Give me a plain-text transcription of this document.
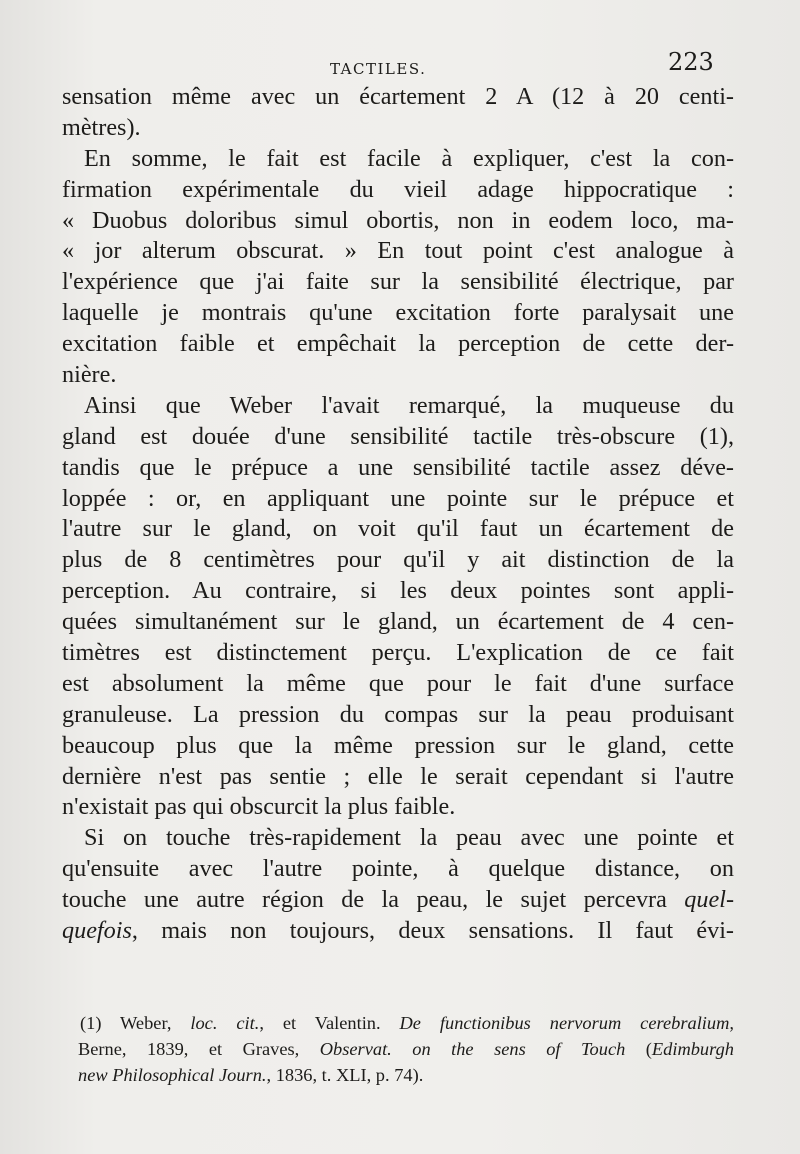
TACTILES.	223
sensation même avec un écartement 2 A (12 à 20 centi-
mètres).
En somme, le fait est facile à expliquer, c'est la con-
firmation expérimentale du vieil adage hippocratique :
« Duobus doloribus simul obortis, non in eodem loco, ma-
« jor alterum obscurat. » En tout point c'est analogue à
l'expérience que j'ai faite sur la sensibilité électrique, par
laquelle je montrais qu'une excitation forte paralysait une
excitation faible et empêchait la perception de cette der-
nière.
Ainsi que Weber l'avait remarqué, la muqueuse du
gland est douée d'une sensibilité tactile très-obscure (1),
tandis que le prépuce a une sensibilité tactile assez déve-
loppée : or, en appliquant une pointe sur le prépuce et
l'autre sur le gland, on voit qu'il faut un écartement de
plus de 8 centimètres pour qu'il y ait distinction de la
perception. Au contraire, si les deux pointes sont appli-
quées simultanément sur le gland, un écartement de 4 cen-
timètres est distinctement perçu. L'explication de ce fait
est absolument la même que pour le fait d'une surface
granuleuse. La pression du compas sur la peau produisant
beaucoup plus que la même pression sur le gland, cette
dernière n'est pas sentie ; elle le serait cependant si l'autre
n'existait pas qui obscurcit la plus faible.
Si on touche très-rapidement la peau avec une pointe et
qu'ensuite avec l'autre pointe, à quelque distance, on
touche une autre région de la peau, le sujet percevra quel-
quefois, mais non toujours, deux sensations. Il faut évi-
(1) Weber, loc. cit., et Valentin. De functionibus nervorum cerebralium,
Berne, 1839, et Graves, Observat. on the sens of Touch (Edimburgh
new Philosophical Journ., 1836, t. XLI, p. 74).
